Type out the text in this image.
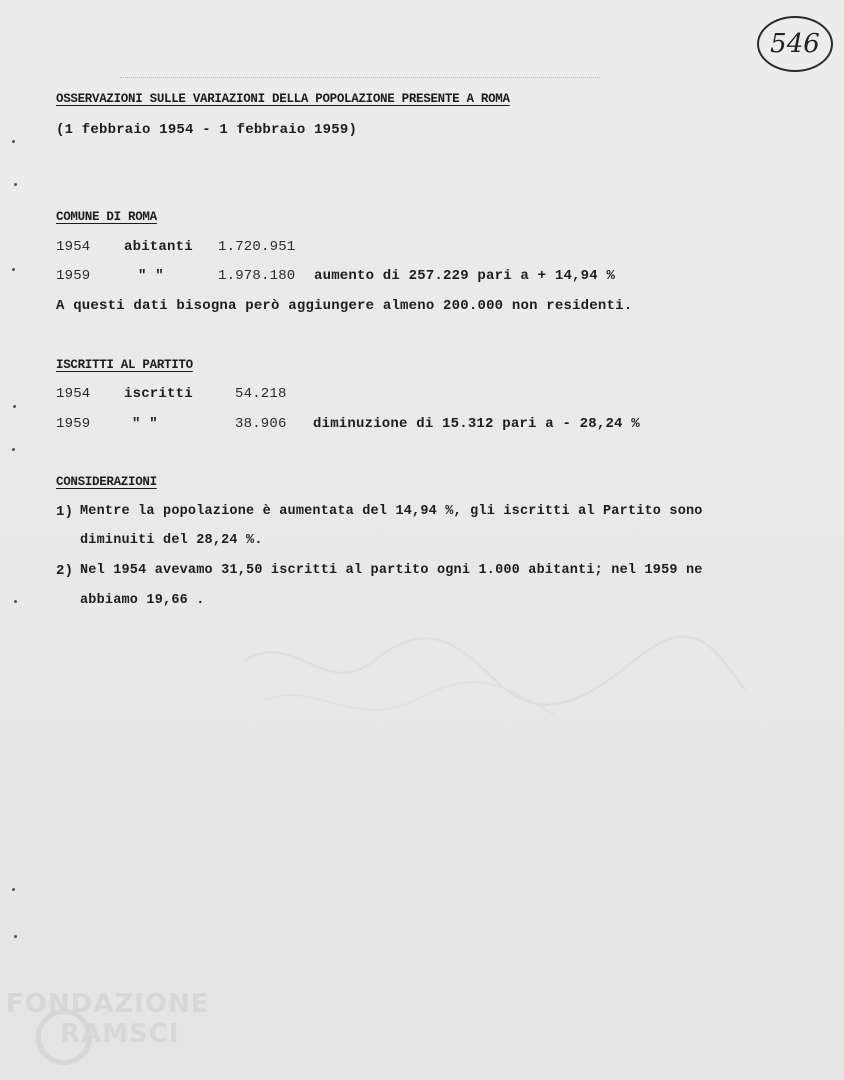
546
OSSERVAZIONI SULLE VARIAZIONI DELLA POPOLAZIONE PRESENTE A ROMA
(1 febbraio 1954 - 1 febbraio 1959)
COMUNE DI ROMA
1954 abitanti 1.720.951
1959	" "	1.978.180 aumento di 257.229 pari a + 14,94 %
A questi dati bisogna però aggiungere almeno 200.000 non residenti.
ISCRITTI AL PARTITO
1954 iscritti	54.218
1959	" "	38.906 diminuzione di 15.312 pari a - 28,24 %
CONSIDERAZIONI
1) Mentre la popolazione è aumentata del 14,94 %, gli iscritti al Partito sono
diminuiti del 28,24 %.
2) Nel 1954 avevamo 31,50 iscritti al partito ogni 1.000 abitanti; nel 1959 ne
abbiamo 19,66 .
FONDAZIONE
RAMSCI
